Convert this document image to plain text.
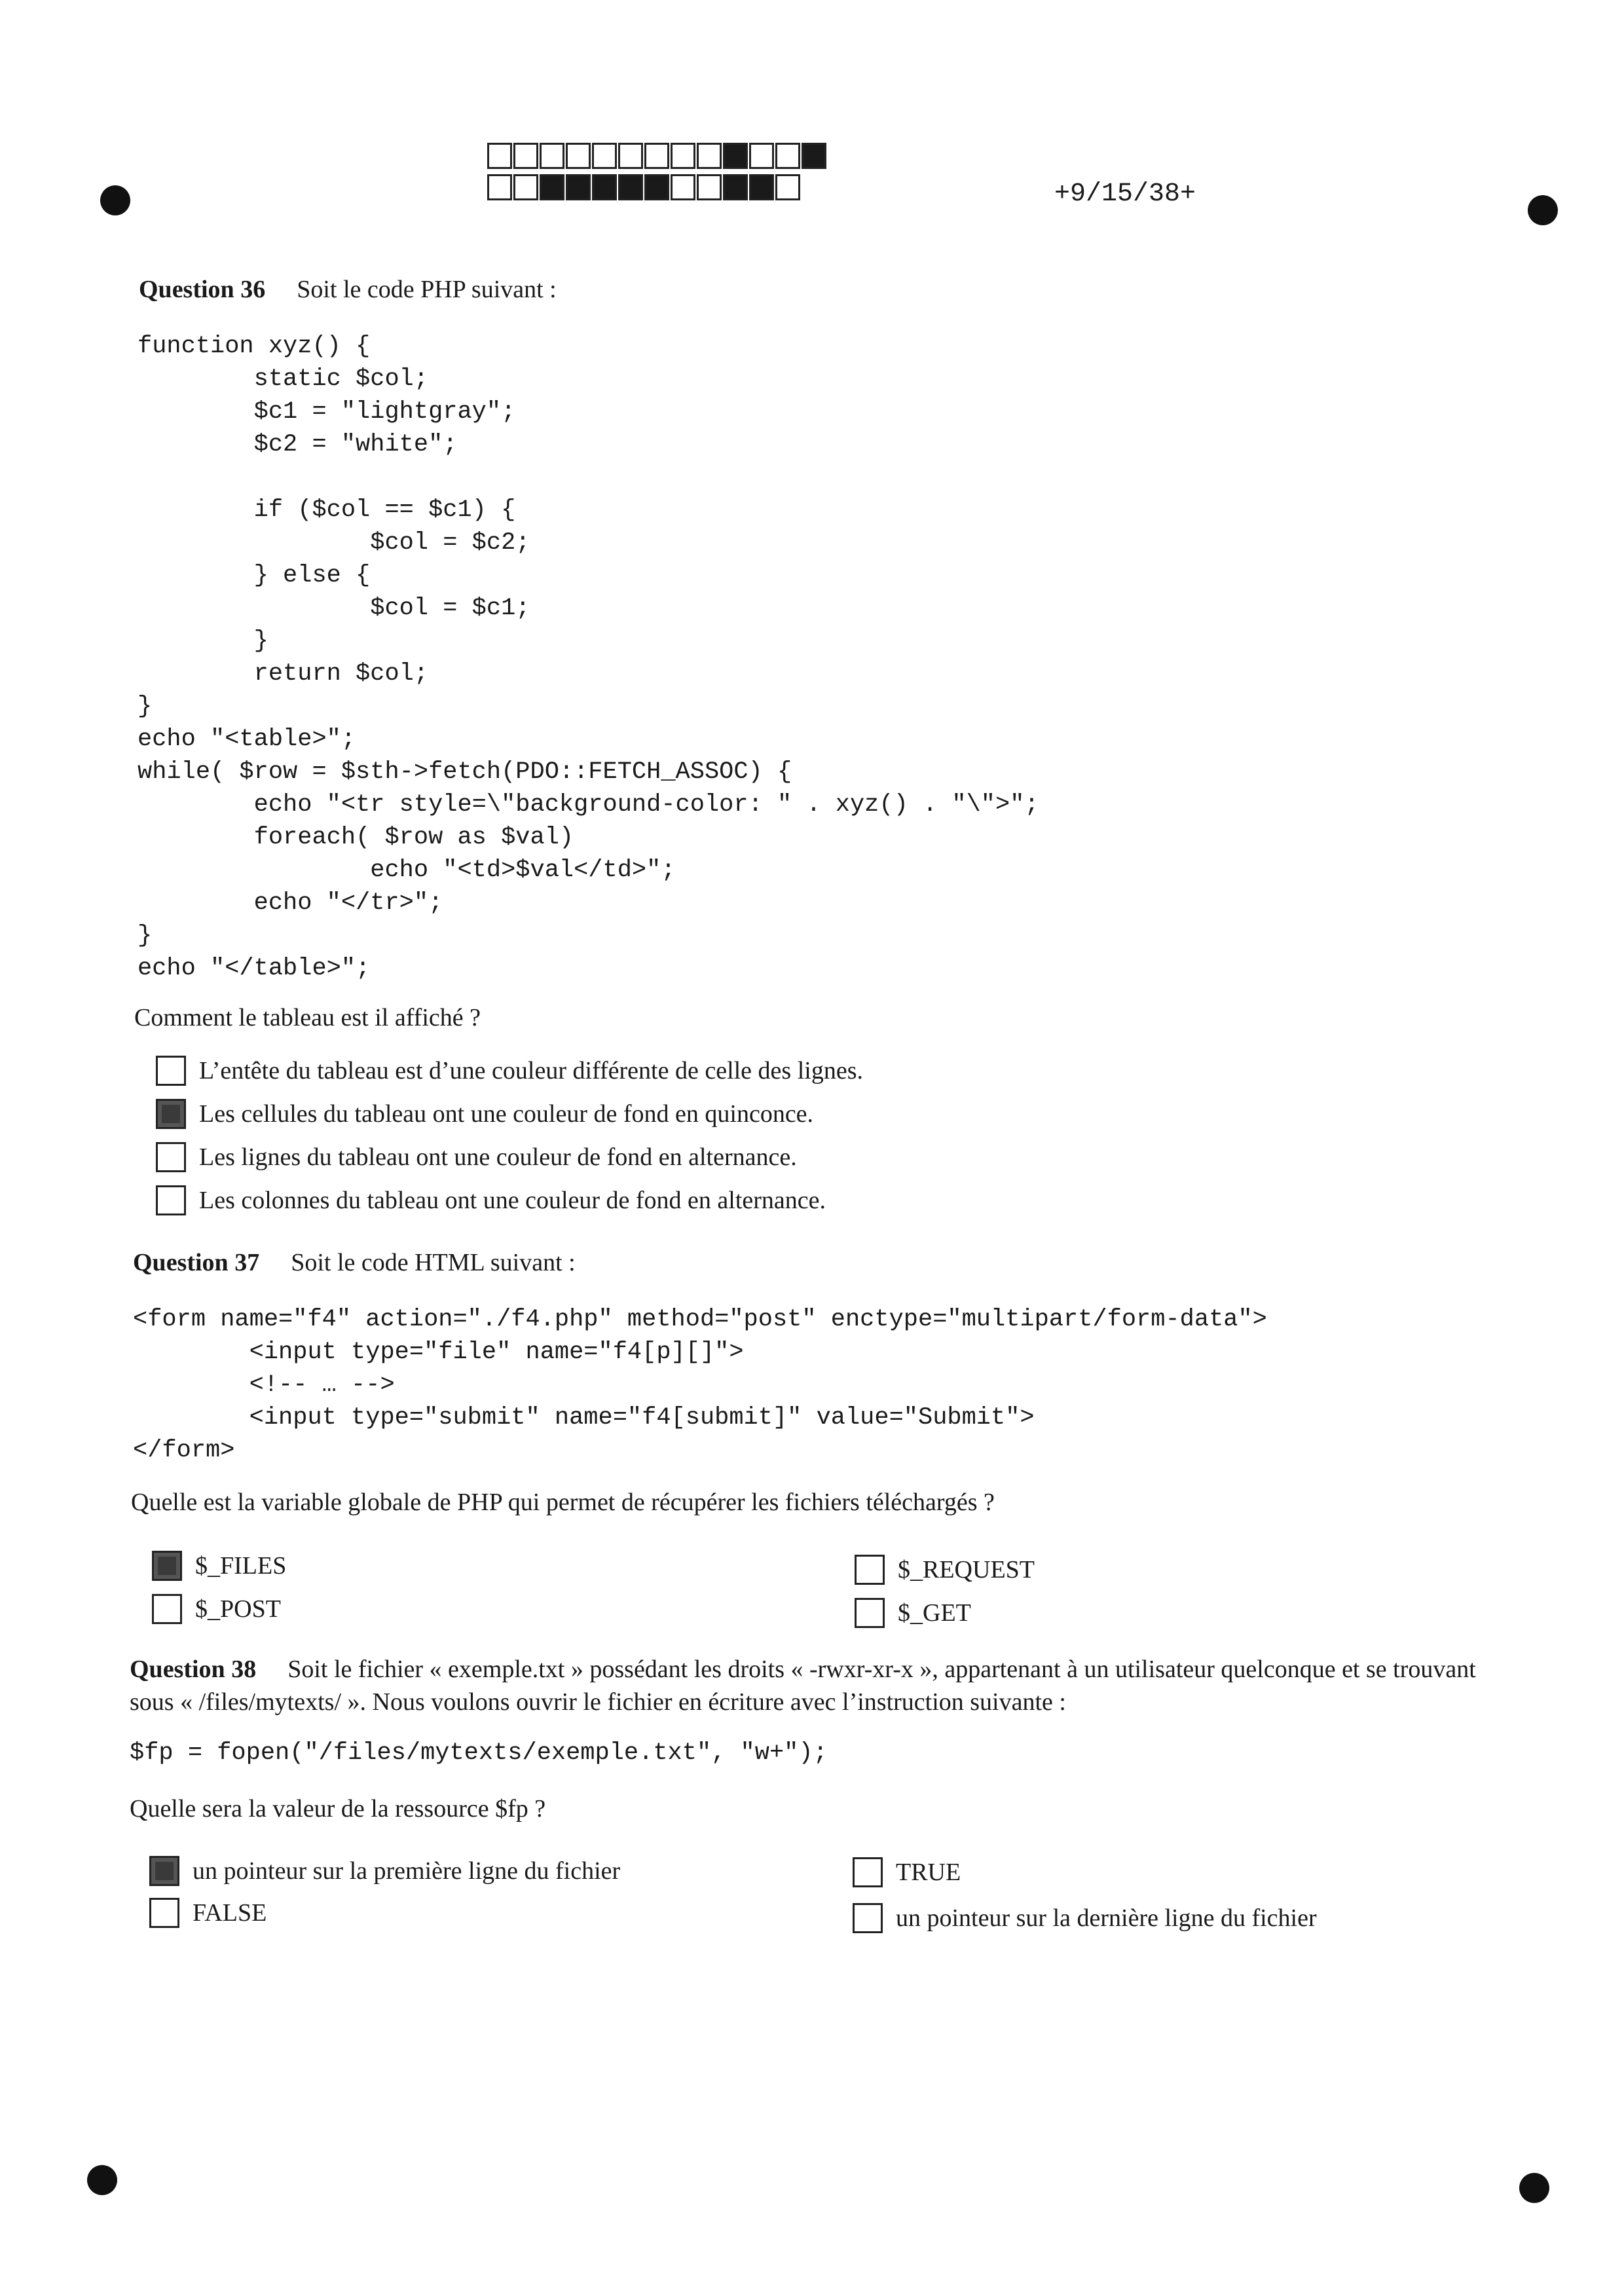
+9/15/38+
Question 36 Soit le code PHP suivant :
function xyz() {
static $col;
$c1 = "lightgray";
$c2 = "white";

if ($col == $c1) {
$col = $c2;
} else {
$col = $c1;
}
return $col;
}
echo "<table>";
while( $row = $sth->fetch(PDO::FETCH_ASSOC) {
echo "<tr style=\"background-color: " . xyz() . "\">";
foreach( $row as $val)
echo "<td>$val</td>";
echo "</tr>";
}
echo "</table>";
Comment le tableau est il affiché ?
L’entête du tableau est d’une couleur différente de celle des lignes.
Les cellules du tableau ont une couleur de fond en quinconce.
Les lignes du tableau ont une couleur de fond en alternance.
Les colonnes du tableau ont une couleur de fond en alternance.
Question 37 Soit le code HTML suivant :
<form name="f4" action="./f4.php" method="post" enctype="multipart/form-data">
<input type="file" name="f4[p][]">
<!-- … -->
<input type="submit" name="f4[submit]" value="Submit">
</form>
Quelle est la variable globale de PHP qui permet de récupérer les fichiers téléchargés ?
$_FILES
$_POST
$_REQUEST
$_GET
Question 38 Soit le fichier « exemple.txt » possédant les droits « -rwxr-xr-x », appartenant à un utilisateur quelconque et se trouvant sous « /files/mytexts/ ». Nous voulons ouvrir le fichier en écriture avec l’instruction suivante :
$fp = fopen("/files/mytexts/exemple.txt", "w+");
Quelle sera la valeur de la ressource $fp ?
un pointeur sur la première ligne du fichier
FALSE
TRUE
un pointeur sur la dernière ligne du fichier
